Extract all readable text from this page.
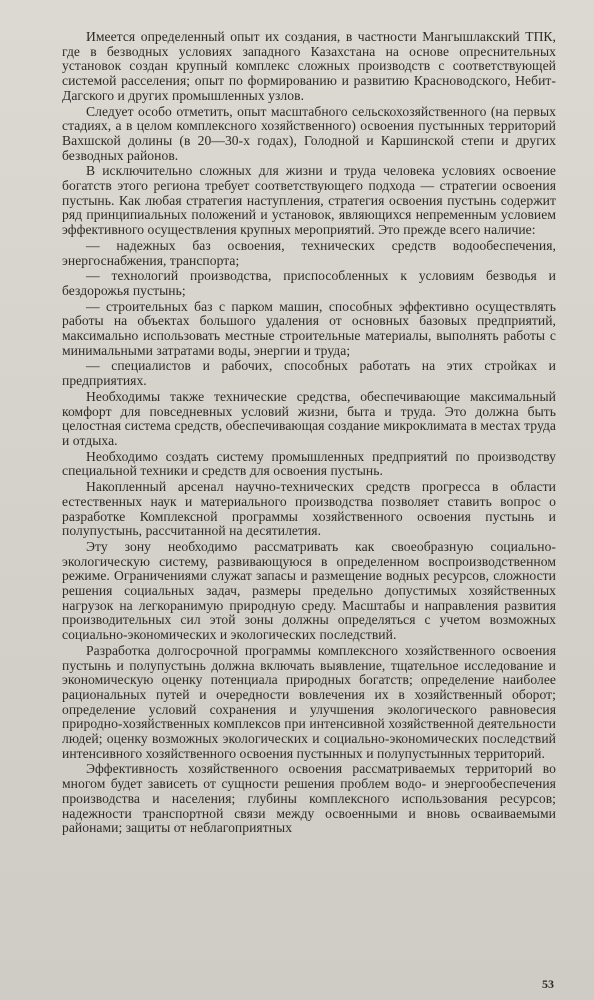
Имеется определенный опыт их создания, в частности Мангышлакский ТПК, где в безводных условиях западного Казахстана на основе опреснительных установок создан крупный комплекс сложных производств с соответствующей системой расселения; опыт по формированию и развитию Красноводского, Небит-Дагского и других промышленных узлов.

Следует особо отметить, опыт масштабного сельскохозяйственного (на первых стадиях, а в целом комплексного хозяйственного) освоения пустынных территорий Вахшской долины (в 20—30-х годах), Голодной и Каршинской степи и других безводных районов.

В исключительно сложных для жизни и труда человека условиях освоение богатств этого региона требует соответствующего подхода — стратегии освоения пустынь. Как любая стратегия наступления, стратегия освоения пустынь содержит ряд принципиальных положений и установок, являющихся непременным условием эффективного осуществления крупных мероприятий. Это прежде всего наличие:

— надежных баз освоения, технических средств водообеспечения, энергоснабжения, транспорта;

— технологий производства, приспособленных к условиям безводья и бездорожья пустынь;

— строительных баз с парком машин, способных эффективно осуществлять работы на объектах большого удаления от основных базовых предприятий, максимально использовать местные строительные материалы, выполнять работы с минимальными затратами воды, энергии и труда;

— специалистов и рабочих, способных работать на этих стройках и предприятиях.

Необходимы также технические средства, обеспечивающие максимальный комфорт для повседневных условий жизни, быта и труда. Это должна быть целостная система средств, обеспечивающая создание микроклимата в местах труда и отдыха.

Необходимо создать систему промышленных предприятий по производству специальной техники и средств для освоения пустынь.

Накопленный арсенал научно-технических средств прогресса в области естественных наук и материального производства позволяет ставить вопрос о разработке Комплексной программы хозяйственного освоения пустынь и полупустынь, рассчитанной на десятилетия.

Эту зону необходимо рассматривать как своеобразную социально-экологическую систему, развивающуюся в определенном воспроизводственном режиме. Ограничениями служат запасы и размещение водных ресурсов, сложности решения социальных задач, размеры предельно допустимых хозяйственных нагрузок на легкоранимую природную среду. Масштабы и направления развития производительных сил этой зоны должны определяться с учетом возможных социально-экономических и экологических последствий.

Разработка долгосрочной программы комплексного хозяйственного освоения пустынь и полупустынь должна включать выявление, тщательное исследование и экономическую оценку потенциала природных богатств; определение наиболее рациональных путей и очередности вовлечения их в хозяйственный оборот; определение условий сохранения и улучшения экологического равновесия природно-хозяйственных комплексов при интенсивной хозяйственной деятельности людей; оценку возможных экологических и социально-экономических последствий интенсивного хозяйственного освоения пустынных и полупустынных территорий.

Эффективность хозяйственного освоения рассматриваемых территорий во многом будет зависеть от сущности решения проблем водо- и энергообеспечения производства и населения; глубины комплексного использования ресурсов; надежности транспортной связи между освоенными и вновь осваиваемыми районами; защиты от неблагоприятных

53
